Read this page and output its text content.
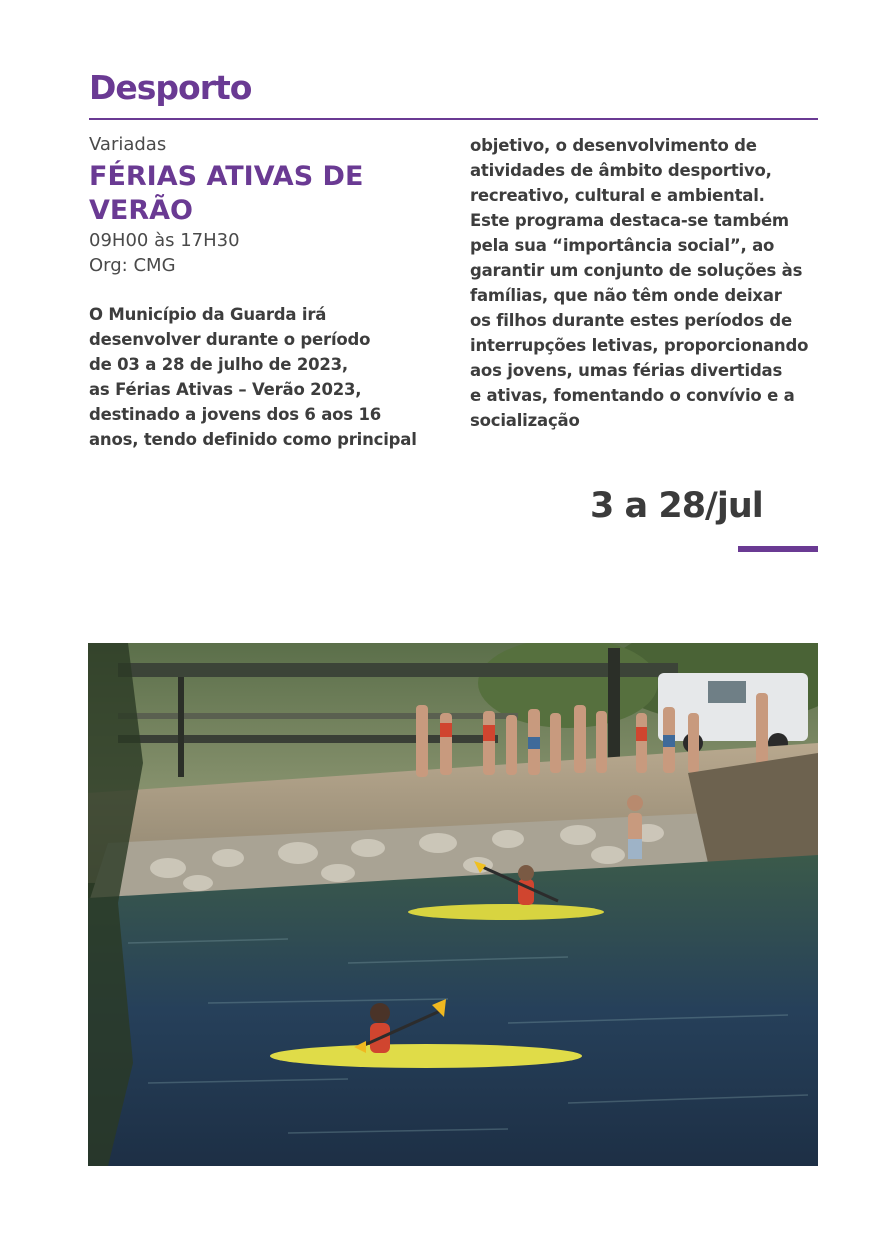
Desporto
Variadas
FÉRIAS ATIVAS DE
VERÃO
09H00 às 17H30
Org: CMG
O Município da Guarda irá
desenvolver durante o período
de 03 a 28 de julho de 2023,
as Férias Ativas – Verão 2023,
destinado a jovens dos 6 aos 16
anos, tendo definido como principal
objetivo, o desenvolvimento de
atividades de âmbito desportivo,
recreativo, cultural e ambiental.
Este programa destaca-se também
pela sua “importância social”, ao
garantir um conjunto de soluções às
famílias, que não têm onde deixar
os filhos durante estes períodos de
interrupções letivas, proporcionando
aos jovens, umas férias divertidas
e ativas, fomentando o convívio e a
socialização
3 a 28/jul
